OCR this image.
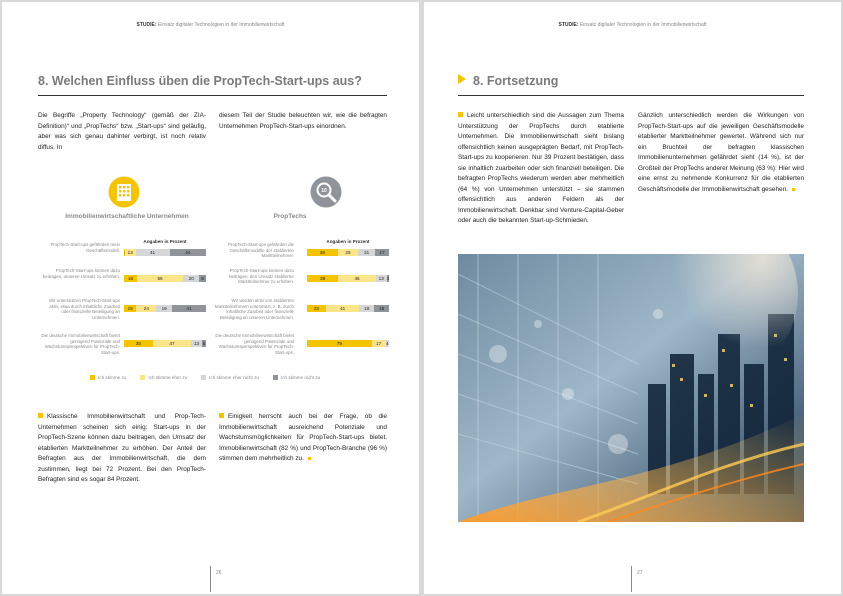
STUDIE: Einsatz digitaler Technologien in der Immobilienwirtschaft
8. Welchen Einfluss üben die PropTech-Start-ups aus?
Die Begriffe „Property Technology“ (gemäß der ZIA-Definition)“ und „PropTechs“ bzw. „Start-ups“ sind geläufig, aber was sich genau dahinter verbirgt, ist noch relativ diffus. In
diesem Teil der Studie beleuchten wir, wie die befragten Unternehmen PropTech-Start-ups einordnen.
10
Ich stimme zu	Ich stimme eher zu	Ich stimme eher nicht zu	Ich stimme nicht zu
Klassische Immobilienwirtschaft und Prop-Tech-Unternehmen scheinen sich einig: Start-ups in der PropTech-Szene können dazu beitragen, den Umsatz der etablierten Marktteilnehmer zu erhöhen. Der Anteil der Befragten aus der Immobilienwirtschaft, die dem zustimmen, liegt bei 72 Prozent. Bei den PropTech-Befragten sind es sogar 84 Prozent.
Einigkeit herrscht auch bei der Frage, ob die Immobilienwirtschaft ausreichend Potenziale und Wachstumsmöglichkeiten für PropTech-Start-ups bietet. Immobilienwirtschaft (82 %) und PropTech-Branche (96 %) stimmen dem mehrheitlich zu.
26
Immobilienwirtschaftliche Unternehmen
Angaben in Prozent
PropTech-Start-ups gefährden mein Geschäftsmodell.	13	41	44
PropTech-Start-ups können dazu beitragen, unseren Umsatz zu erhöhen.	16	56	20	8
Wir unterstützen PropTech-Start-ups aktiv, etwa durch inhaltliche Zuarbeit oder finanzielle Beteiligung an Unternehmen.
15	24	19	41
Die deutsche Immobilienwirtschaft bietet genügend Potenziale und Wachstumsperspektiven für PropTech-Start-ups.
35	47	13 5
PropTechs
Angaben in Prozent
PropTech-Start-ups gefährden die Geschäftsmodelle der etablierten Marktteilnehmer.
38	25	21	17
PropTech-Start-ups können dazu beitragen, den Umsatz etablierter Marktteilnehmer zu erhöhen.
38	46	13 3
Wir werden aktiv von etablierten Marktteilnehmern unterstützt, z. B. durch inhaltliche Zuarbeit oder finanzielle Beteiligung an unseren Unternehmen.
23	41	18	18
Die deutsche Immobilienwirtschaft bietet genügend Potenziale und Wachstumsperspektiven für PropTech-Start-ups.
79	17	4
STUDIE: Einsatz digitaler Technologien in der Immobilienwirtschaft
8. Fortsetzung
Leicht unterschiedlich sind die Aussagen zum Thema Unterstützung der PropTechs durch etablierte Unternehmen. Die Immobilienwirtschaft sieht bislang offensichtlich keinen ausgeprägten Bedarf, mit PropTech-Start-ups zu kooperieren. Nur 39 Prozent bestätigen, dass sie inhaltlich zuarbeiten oder sich finanziell beteiligen. Die befragten PropTechs wiederum werden aber mehrheitlich (64 %) von Unternehmen unterstützt – sie stammen offensichtlich aus anderen Feldern als der Immobilienwirtschaft. Denkbar sind Venture-Capital-Geber oder auch die bekannten Start-up-Schmieden.
Gänzlich unterschiedlich werden die Wirkungen von PropTech-Start-ups auf die jeweiligen Geschäftsmodelle etablierter Marktteilnehmer gewertet. Während sich nur ein Bruchteil der befragten klassischen Immobilienunternehmen gefährdet sieht (14 %), ist der Großteil der PropTechs anderer Meinung (63 %): Hier wird eine ernst zu nehmende Konkurrenz für die etablierten Geschäftsmodelle der Immobilienwirtschaft gesehen.
27
